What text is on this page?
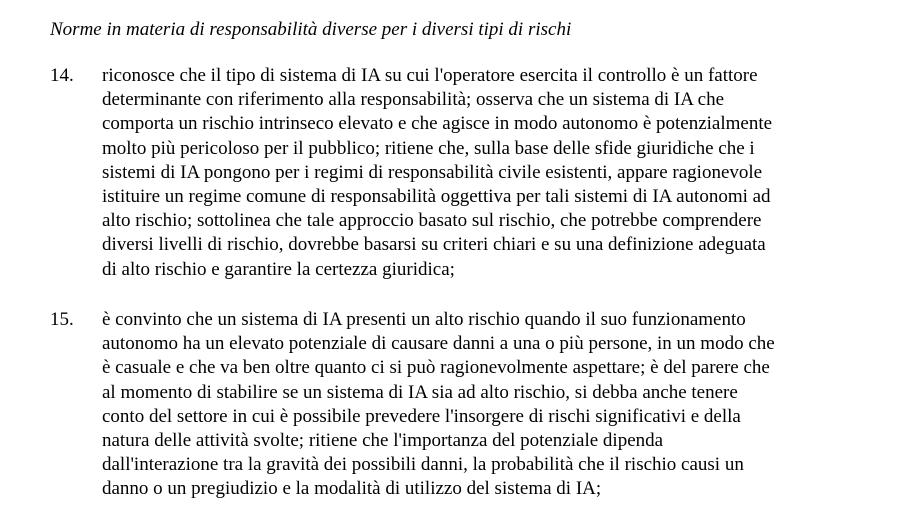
Norme in materia di responsabilità diverse per i diversi tipi di rischi
14. riconosce che il tipo di sistema di IA su cui l'operatore esercita il controllo è un fattore
determinante con riferimento alla responsabilità; osserva che un sistema di IA che
comporta un rischio intrinseco elevato e che agisce in modo autonomo è potenzialmente
molto più pericoloso per il pubblico; ritiene che, sulla base delle sfide giuridiche che i
sistemi di IA pongono per i regimi di responsabilità civile esistenti, appare ragionevole
istituire un regime comune di responsabilità oggettiva per tali sistemi di IA autonomi ad
alto rischio; sottolinea che tale approccio basato sul rischio, che potrebbe comprendere
diversi livelli di rischio, dovrebbe basarsi su criteri chiari e su una definizione adeguata
di alto rischio e garantire la certezza giuridica;
15. è convinto che un sistema di IA presenti un alto rischio quando il suo funzionamento
autonomo ha un elevato potenziale di causare danni a una o più persone, in un modo che
è casuale e che va ben oltre quanto ci si può ragionevolmente aspettare; è del parere che
al momento di stabilire se un sistema di IA sia ad alto rischio, si debba anche tenere
conto del settore in cui è possibile prevedere l'insorgere di rischi significativi e della
natura delle attività svolte; ritiene che l'importanza del potenziale dipenda
dall'interazione tra la gravità dei possibili danni, la probabilità che il rischio causi un
danno o un pregiudizio e la modalità di utilizzo del sistema di IA;
